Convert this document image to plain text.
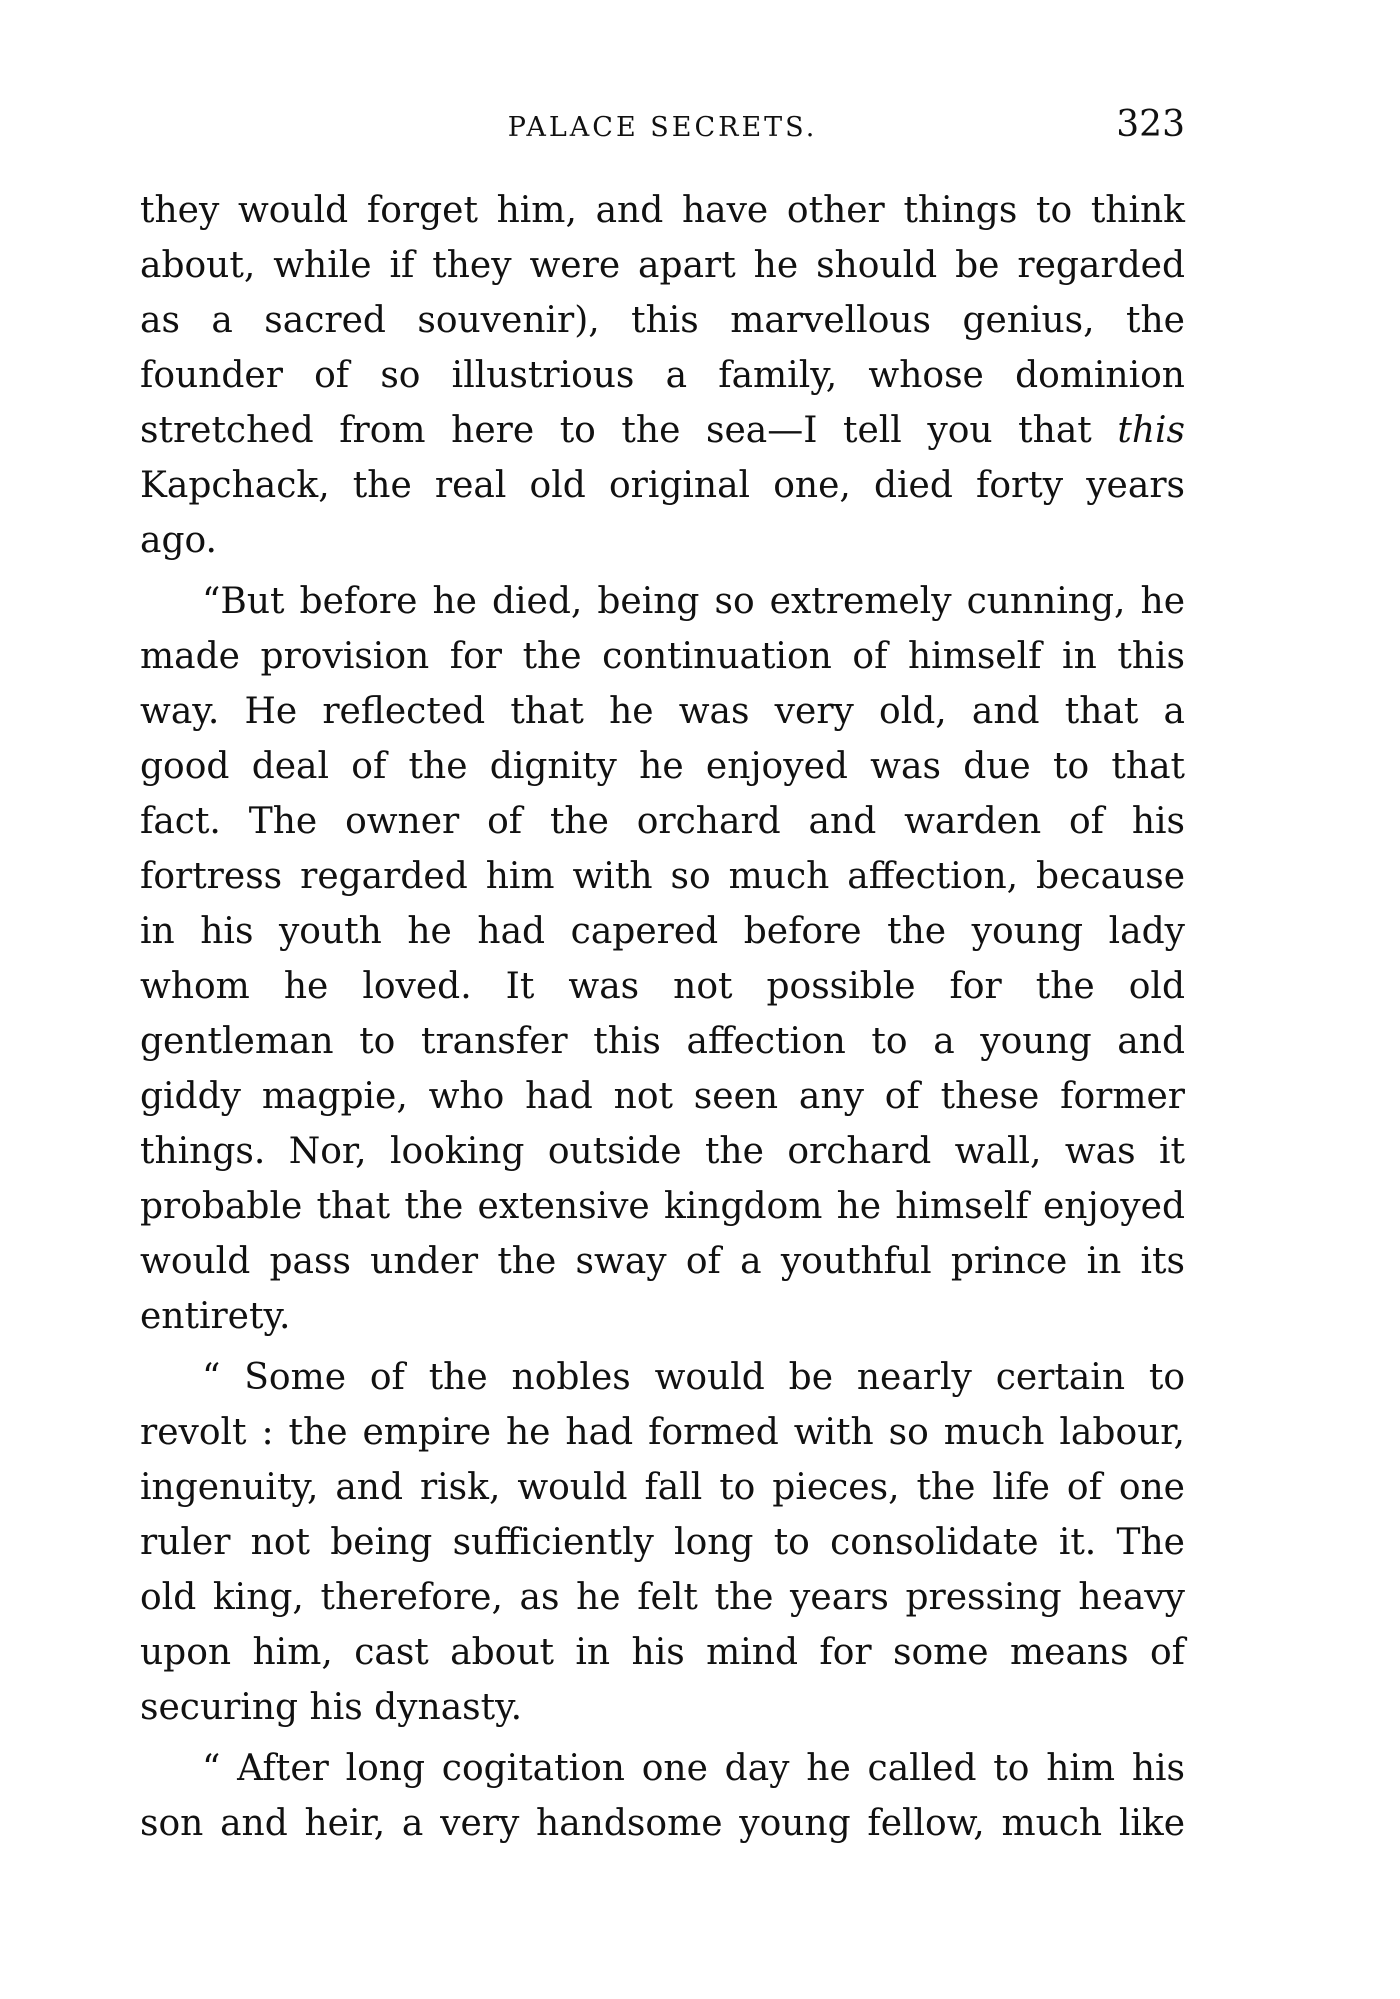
PALACE SECRETS.	323
they would forget him, and have other things to think
about, while if they were apart he should be regarded
as a sacred souvenir), this marvellous genius, the
founder of so illustrious a family, whose dominion
stretched from here to the sea—I tell you that this
Kapchack, the real old original one, died forty years
ago.
“But before he died, being so extremely cunning, he
made provision for the continuation of himself in this
way. He reflected that he was very old, and that a
good deal of the dignity he enjoyed was due to that
fact. The owner of the orchard and warden of his
fortress regarded him with so much affection, because
in his youth he had capered before the young lady
whom he loved. It was not possible for the old
gentleman to transfer this affection to a young and
giddy magpie, who had not seen any of these former
things. Nor, looking outside the orchard wall, was it
probable that the extensive kingdom he himself enjoyed
would pass under the sway of a youthful prince in its
entirety.
“ Some of the nobles would be nearly certain to
revolt : the empire he had formed with so much labour,
ingenuity, and risk, would fall to pieces, the life of one
ruler not being sufficiently long to consolidate it. The
old king, therefore, as he felt the years pressing heavy
upon him, cast about in his mind for some means of
securing his dynasty.
“ After long cogitation one day he called to him his
son and heir, a very handsome young fellow, much like
